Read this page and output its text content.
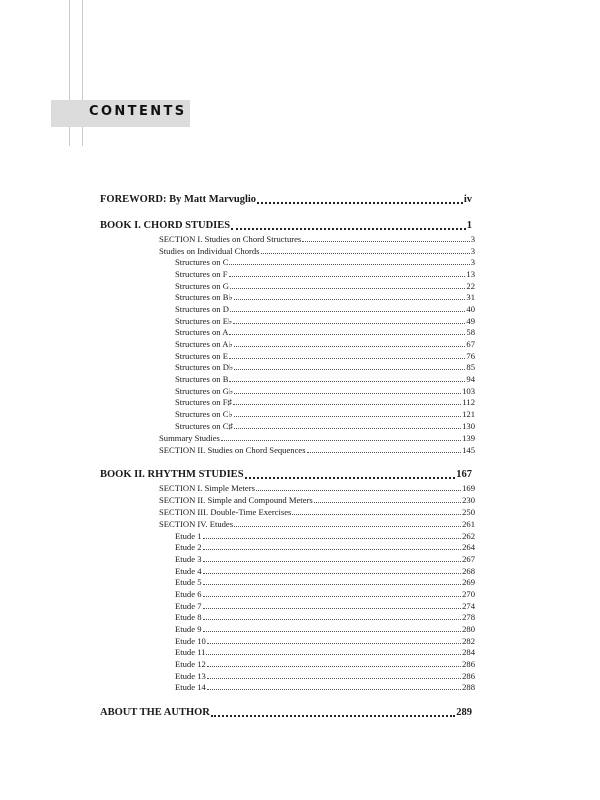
CONTENTS
FOREWORD: By Matt Marvuglio	iv
BOOK I. CHORD STUDIES	1
SECTION I. Studies on Chord Structures	3
Studies on Individual Chords	3
Structures on C	3
Structures on F	13
Structures on G	22
Structures on B♭	31
Structures on D	40
Structures on E♭	49
Structures on A	58
Structures on A♭	67
Structures on E	76
Structures on D♭	85
Structures on B	94
Structures on G♭	103
Structures on F♯	112
Structures on C♭	121
Structures on C♯	130
Summary Studies	139
SECTION II. Studies on Chord Sequences	145
BOOK II. RHYTHM STUDIES	167
SECTION I. Simple Meters	169
SECTION II. Simple and Compound Meters	230
SECTION III. Double-Time Exercises	250
SECTION IV. Etudes	261
Etude 1	262
Etude 2	264
Etude 3	267
Etude 4	268
Etude 5	269
Etude 6	270
Etude 7	274
Etude 8	278
Etude 9	280
Etude 10	282
Etude 11	284
Etude 12	286
Etude 13	286
Etude 14	288
ABOUT THE AUTHOR	289
